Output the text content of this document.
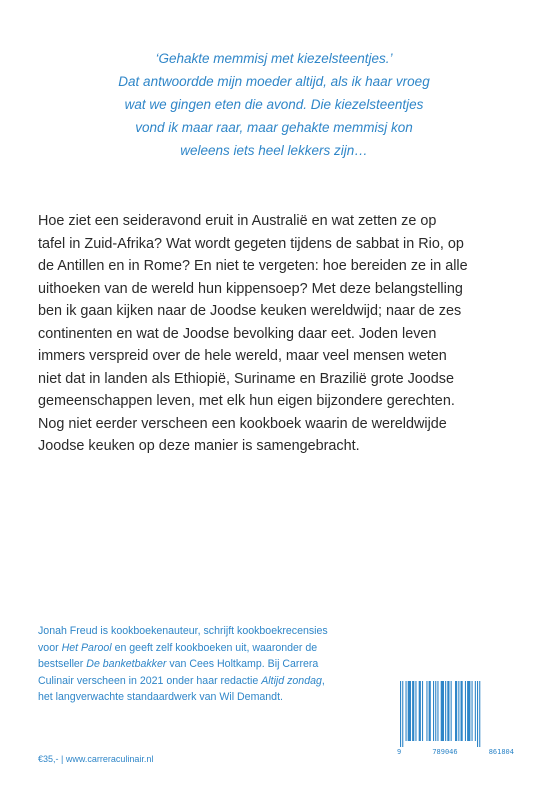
‘Gehakte memmisj met kiezelsteentjes.’
Dat antwoordde mijn moeder altijd, als ik haar vroeg
wat we gingen eten die avond. Die kiezelsteentjes
vond ik maar raar, maar gehakte memmisj kon
weleens iets heel lekkers zijn…
Hoe ziet een seideravond eruit in Australië en wat zetten ze op
tafel in Zuid-Afrika? Wat wordt gegeten tijdens de sabbat in Rio, op
de Antillen en in Rome? En niet te vergeten: hoe bereiden ze in alle
uithoeken van de wereld hun kippensoep? Met deze belangstelling
ben ik gaan kijken naar de Joodse keuken wereldwijd; naar de zes
continenten en wat de Joodse bevolking daar eet. Joden leven
immers verspreid over de hele wereld, maar veel mensen weten
niet dat in landen als Ethiopië, Suriname en Brazilië grote Joodse
gemeenschappen leven, met elk hun eigen bijzondere gerechten.
Nog niet eerder verscheen een kookboek waarin de wereldwijde
Joodse keuken op deze manier is samengebracht.
Jonah Freud is kookboekenauteur, schrijft kookboekrecensies
voor Het Parool en geeft zelf kookboeken uit, waaronder de
bestseller De banketbakker van Cees Holtkamp. Bij Carrera
Culinair verscheen in 2021 onder haar redactie Altijd zondag,
het langverwachte standaardwerk van Wil Demandt.
€35,- | www.carreraculinair.nl
9	789046	861804
